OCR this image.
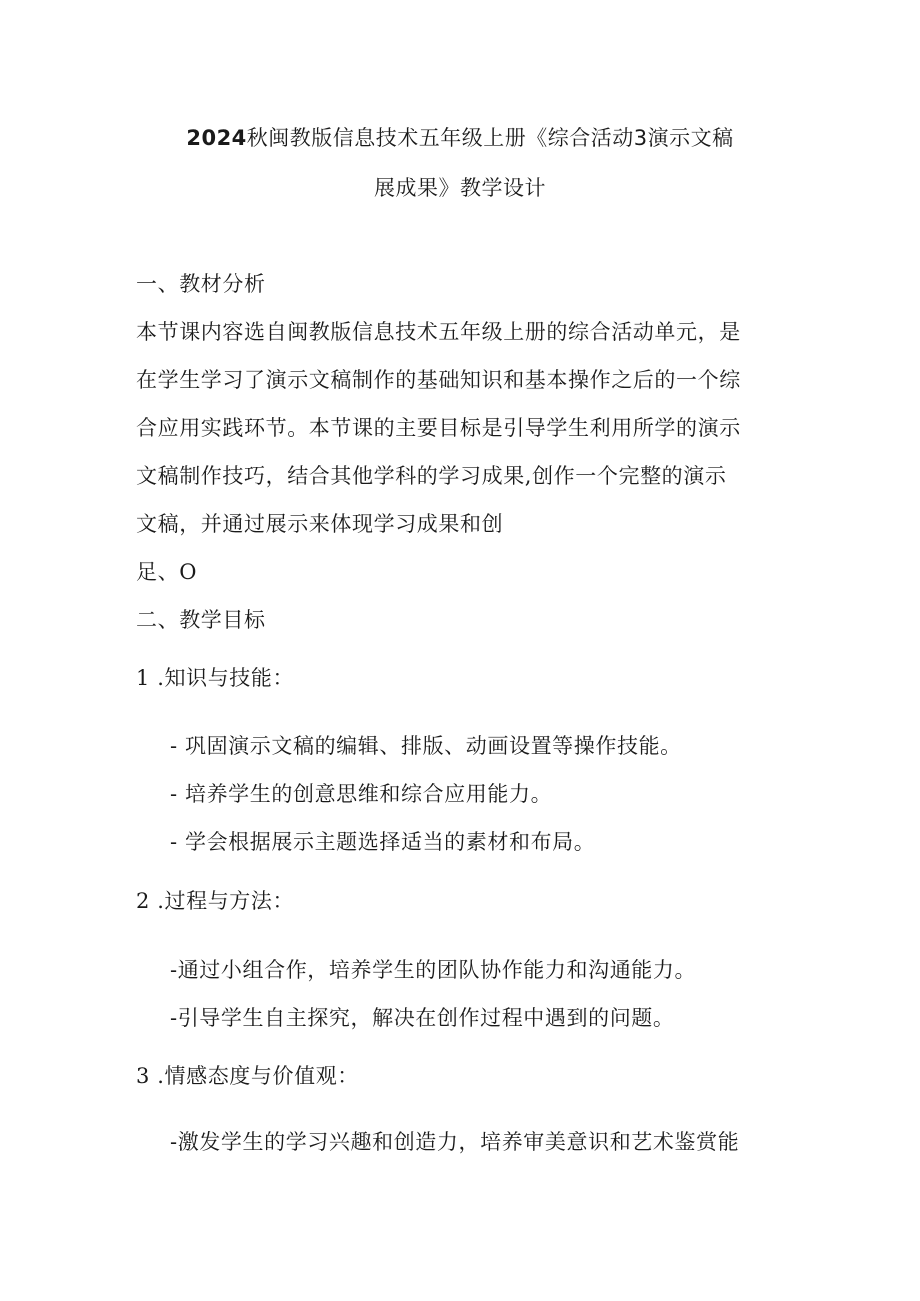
2024秋闽教版信息技术五年级上册《综合活动3演示文稿
展成果》教学设计
一、教材分析
本节课内容选自闽教版信息技术五年级上册的综合活动单元，是
在学生学习了演示文稿制作的基础知识和基本操作之后的一个综
合应用实践环节。本节课的主要目标是引导学生利用所学的演示
文稿制作技巧，结合其他学科的学习成果,创作一个完整的演示
文稿，并通过展示来体现学习成果和创
足、O
二、教学目标
1 .知识与技能：
- 巩固演示文稿的编辑、排版、动画设置等操作技能。
- 培养学生的创意思维和综合应用能力。
- 学会根据展示主题选择适当的素材和布局。
2 .过程与方法：
-通过小组合作，培养学生的团队协作能力和沟通能力。
-引导学生自主探究，解决在创作过程中遇到的问题。
3 .情感态度与价值观：
-激发学生的学习兴趣和创造力，培养审美意识和艺术鉴赏能
